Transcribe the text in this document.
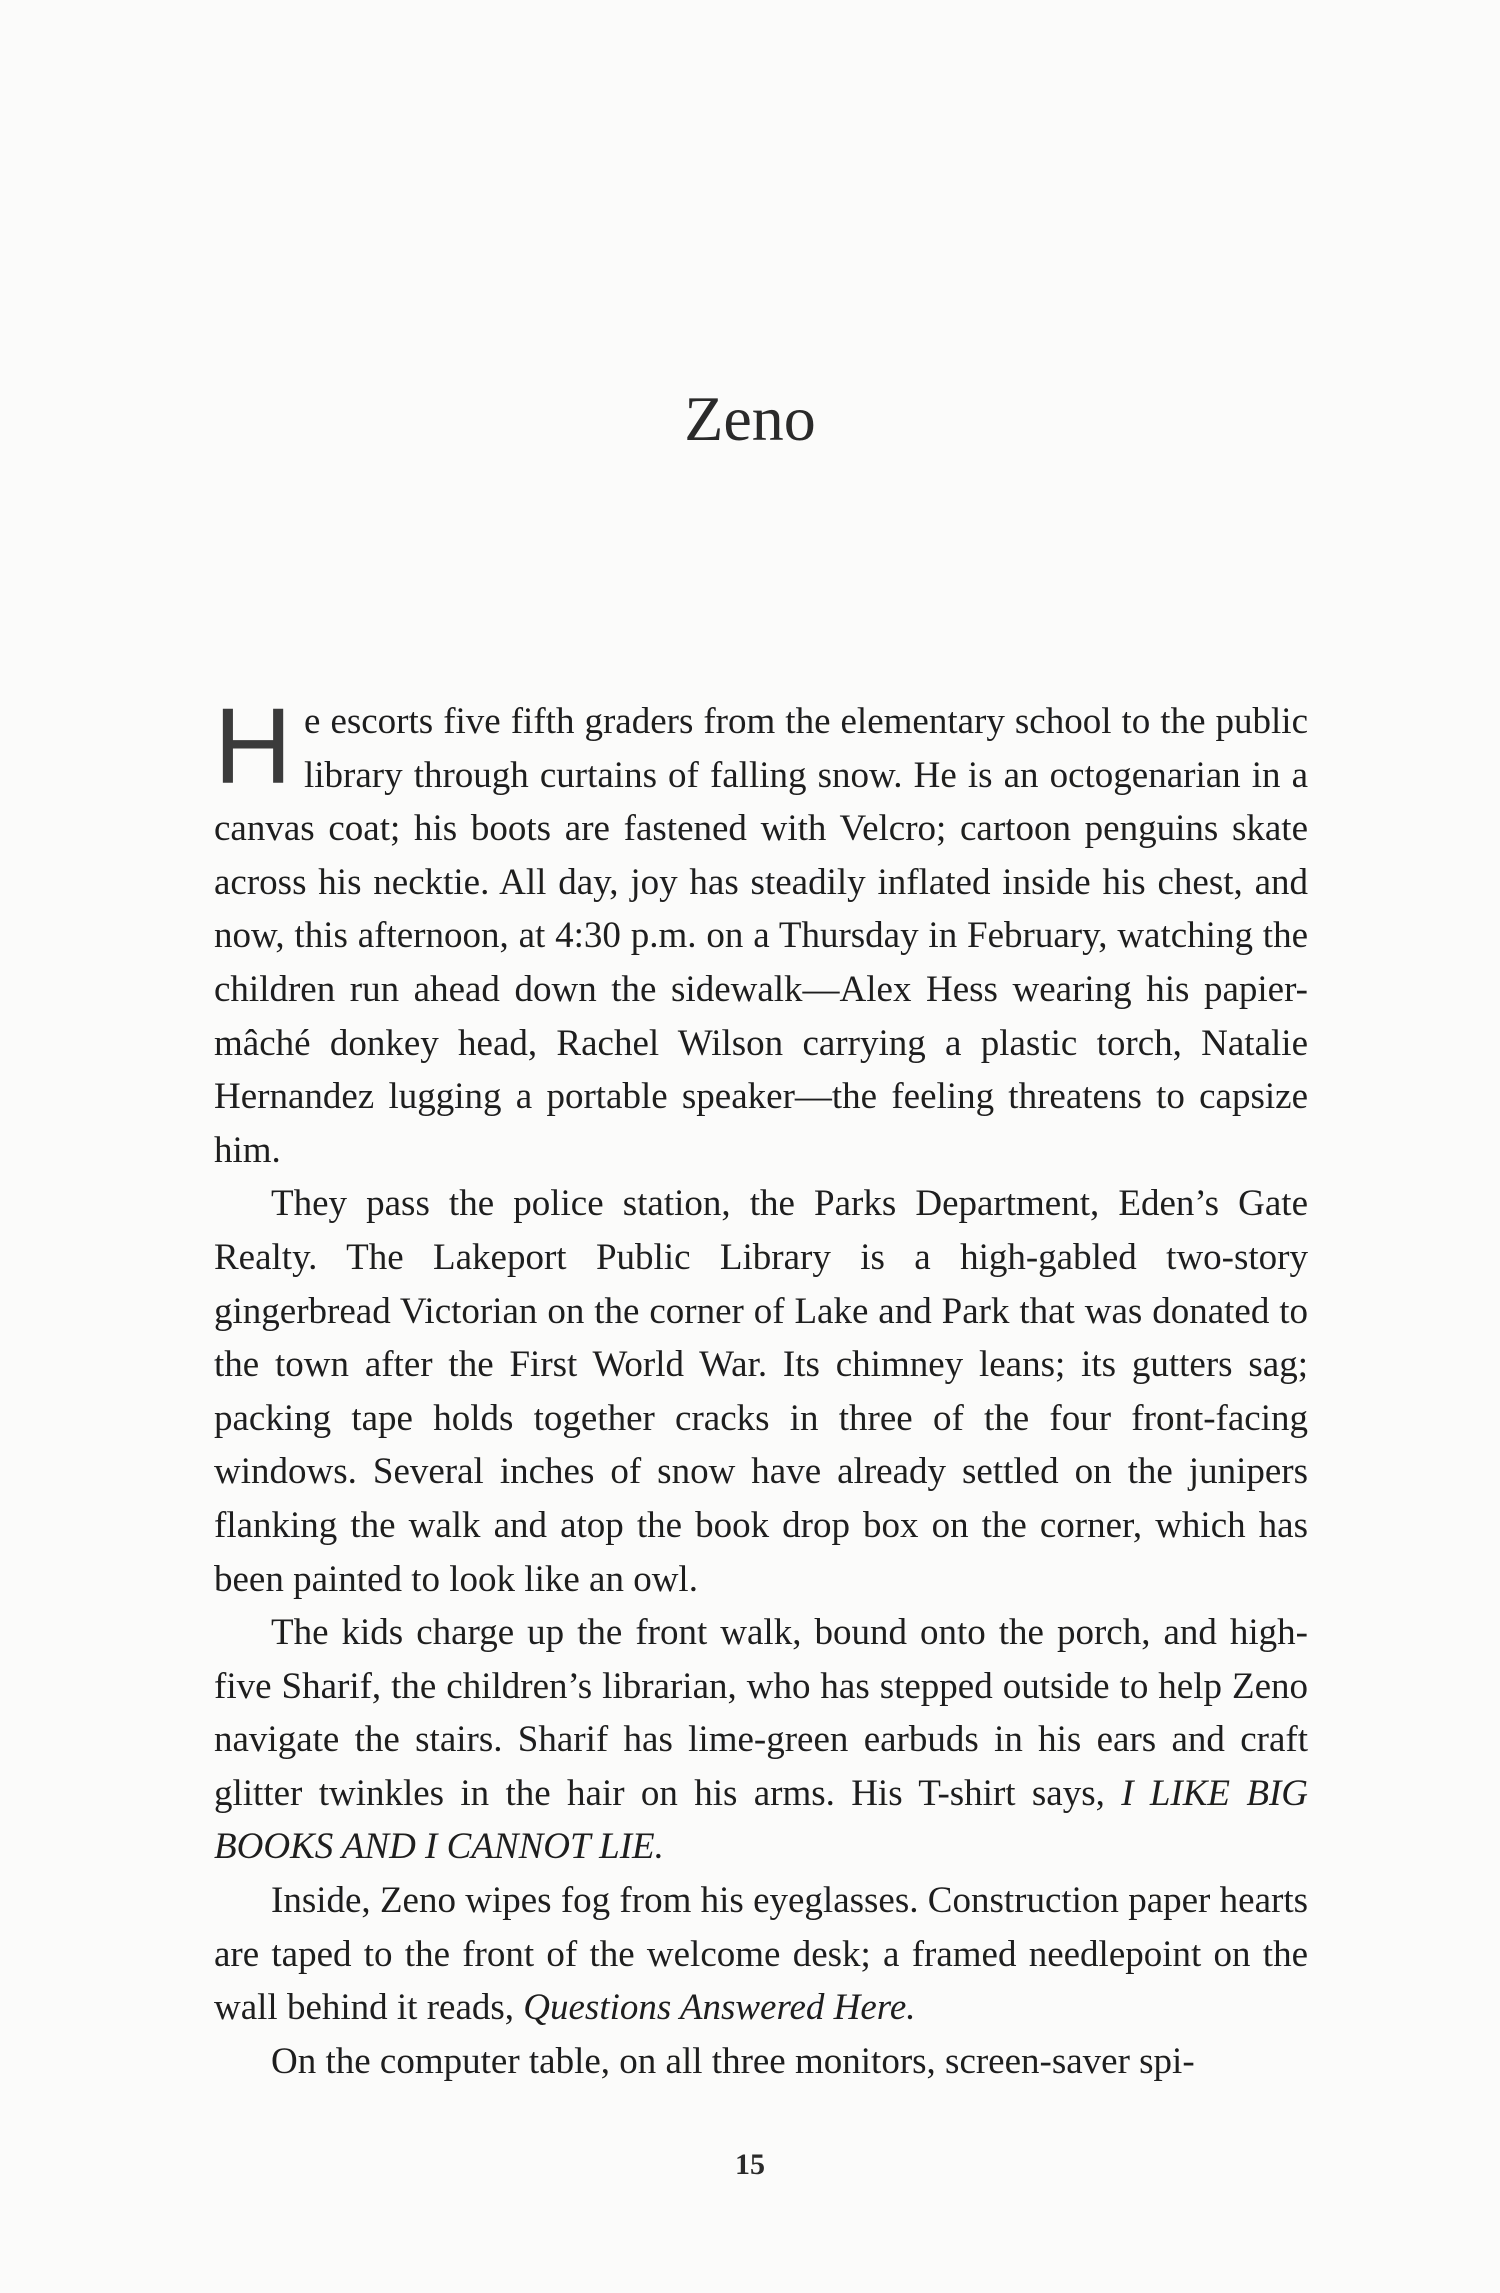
Zeno

He escorts five fifth graders from the elementary school to the public library through curtains of falling snow. He is an octogenarian in a canvas coat; his boots are fastened with Velcro; cartoon penguins skate across his necktie. All day, joy has steadily inflated inside his chest, and now, this afternoon, at 4:30 p.m. on a Thursday in February, watching the children run ahead down the sidewalk—Alex Hess wearing his papier-mâché donkey head, Rachel Wilson carrying a plastic torch, Natalie Hernandez lugging a portable speaker—the feeling threatens to capsize him.

They pass the police station, the Parks Department, Eden’s Gate Realty. The Lakeport Public Library is a high-gabled two-story gingerbread Victorian on the corner of Lake and Park that was donated to the town after the First World War. Its chimney leans; its gutters sag; packing tape holds together cracks in three of the four front-facing windows. Several inches of snow have already settled on the junipers flanking the walk and atop the book drop box on the corner, which has been painted to look like an owl.

The kids charge up the front walk, bound onto the porch, and high-five Sharif, the children’s librarian, who has stepped outside to help Zeno navigate the stairs. Sharif has lime-green earbuds in his ears and craft glitter twinkles in the hair on his arms. His T-shirt says, I LIKE BIG BOOKS AND I CANNOT LIE.

Inside, Zeno wipes fog from his eyeglasses. Construction paper hearts are taped to the front of the welcome desk; a framed needlepoint on the wall behind it reads, Questions Answered Here.

On the computer table, on all three monitors, screen-saver spi-

15
